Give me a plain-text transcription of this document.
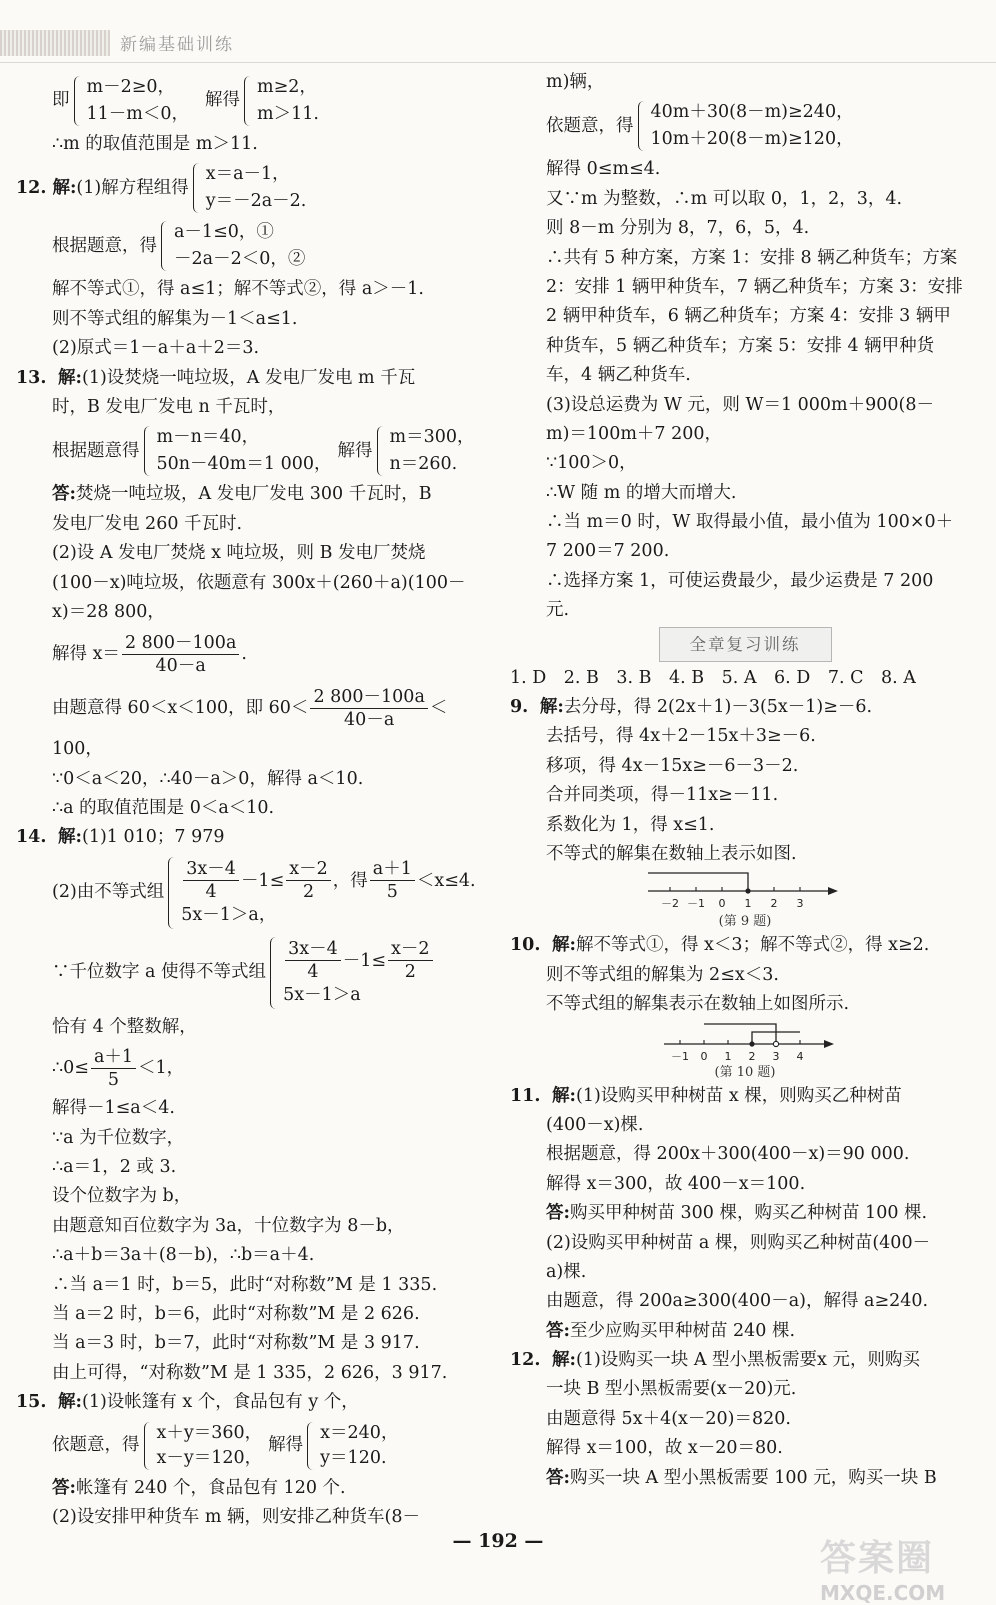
新编基础训练
即
m－2≥0，
11－m＜0，
解得
m≥2，
m＞11.
∴m 的取值范围是 m＞11.
12. 解: (1)解方程组得
x＝a－1，
y＝－2a－2.
根据题意，得
a－1≤0，①
－2a－2＜0，②
解不等式①，得 a≤1；解不等式②，得 a＞－1.
则不等式组的解集为－1＜a≤1.
(2)原式＝1－a＋a＋2＝3.
13. 解:(1)设焚烧一吨垃圾，A 发电厂发电 m 千瓦
时，B 发电厂发电 n 千瓦时，
根据题意得
m－n＝40，
50n－40m＝1 000，
解得
m＝300，
n＝260.
答:焚烧一吨垃圾，A 发电厂发电 300 千瓦时，B
发电厂发电 260 千瓦时.
(2)设 A 发电厂焚烧 x 吨垃圾，则 B 发电厂焚烧
(100－x)吨垃圾，依题意有 300x＋(260＋a)(100－
x)＝28 800，
解得 $x= \frac{2 800-100a}{40-a}$ .
由题意得 60＜x＜100，即 $60< \frac{2 800-100a}{40-a}$ ＜
100，
∵0＜a＜20，∴40－a＞0，解得 a＜10.
∴a 的取值范围是 0＜a＜10.
14. 解:(1)1 010；7 979
(2)由不等式组 $\frac{3x-4}{4} -1\le \frac{x-2}{2}$ ，得 $\frac{a+1}{5} <x\le 4$.
5x－1＞a，
∵千位数字 a 使得不等式组 $\frac{3x-4}{4} -1\le \frac{x-2}{2}$
5x－1＞a
恰有 4 个整数解，
∴0≤ $\frac{a+1}{5} <1$，
解得－1≤a＜4.
∵a 为千位数字，
∴a＝1，2 或 3.
设个位数字为 b，
由题意知百位数字为 3a，十位数字为 8－b，
∴a＋b＝3a＋(8－b)，∴b＝a＋4.
∴当 a＝1 时，b＝5，此时“对称数”M 是 1 335.
当 a＝2 时，b＝6，此时“对称数”M 是 2 626.
当 a＝3 时，b＝7，此时“对称数”M 是 3 917.
由上可得，“对称数”M 是 1 335，2 626，3 917.
15. 解:(1)设帐篷有 x 个，食品包有 y 个，
依题意，得
x＋y＝360，
x－y＝120，
解得
x＝240，
y＝120.
答:帐篷有 240 个，食品包有 120 个.
(2)设安排甲种货车 m 辆，则安排乙种货车(8－
m)辆，
依题意，得
40m＋30(8－m)≥240，
10m＋20(8－m)≥120，
解得 0≤m≤4.
又∵m 为整数，∴m 可以取 0，1，2，3，4.
则 8－m 分别为 8，7，6，5，4.
∴共有 5 种方案，方案 1：安排 8 辆乙种货车；方案
2：安排 1 辆甲种货车，7 辆乙种货车；方案 3：安排
2 辆甲种货车，6 辆乙种货车；方案 4：安排 3 辆甲
种货车，5 辆乙种货车；方案 5：安排 4 辆甲种货
车，4 辆乙种货车.
(3)设总运费为 W 元，则 W＝1 000m＋900(8－
m)＝100m＋7 200，
∵100＞0，
∴W 随 m 的增大而增大.
∴当 m＝0 时，W 取得最小值，最小值为 100×0＋
7 200＝7 200.
∴选择方案 1，可使运费最少，最少运费是 7 200
元.
全章复习训练
1. D　2. B　3. B　4. B　5. A　6. D　7. C　8. A
9. 解:去分母，得 2(2x＋1)－3(5x－1)≥－6.
去括号，得 4x＋2－15x＋3≥－6.
移项，得 4x－15x≥－6－3－2.
合并同类项，得－11x≥－11.
系数化为 1，得 x≤1.
不等式的解集在数轴上表示如图.
－2 －1 0 1 2 3
(第 9 题)
10. 解:解不等式①，得 x＜3；解不等式②，得 x≥2.
则不等式组的解集为 2≤x＜3.
不等式组的解集表示在数轴上如图所示.
－1 0 1 2 3 4
(第 10 题)
11. 解:(1)设购买甲种树苗 x 棵，则购买乙种树苗
(400－x)棵.
根据题意，得 200x＋300(400－x)＝90 000.
解得 x＝300，故 400－x＝100.
答:购买甲种树苗 300 棵，购买乙种树苗 100 棵.
(2)设购买甲种树苗 a 棵，则购买乙种树苗(400－
a)棵.
由题意，得 200a≥300(400－a)，解得 a≥240.
答:至少应购买甲种树苗 240 棵.
12. 解:(1)设购买一块 A 型小黑板需要x 元，则购买
一块 B 型小黑板需要(x－20)元.
由题意得 5x＋4(x－20)＝820.
解得 x＝100，故 x－20＝80.
答:购买一块 A 型小黑板需要 100 元，购买一块 B
— 192 —	答案圈
MXQE.COM
